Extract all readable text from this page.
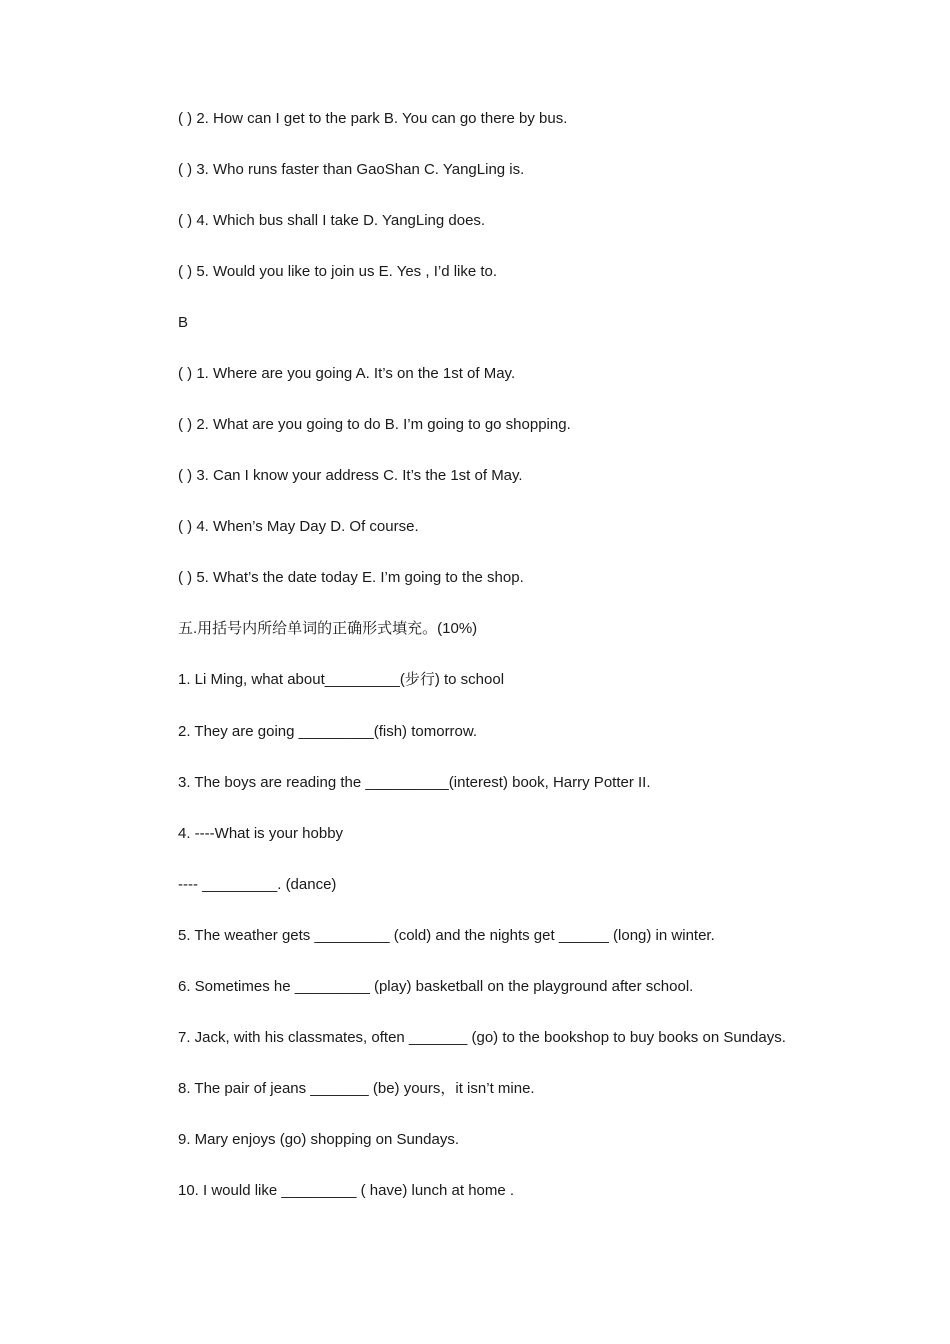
( ) 2. How can I get to the park B. You can go there by bus.
( ) 3. Who runs faster than GaoShan C. YangLing is.
( ) 4. Which bus shall I take D. YangLing does.
( ) 5. Would you like to join us E. Yes , I’d like to.
B
( ) 1. Where are you going A. It’s on the 1st of May.
( ) 2. What are you going to do B. I’m going to go shopping.
( ) 3. Can I know your address C. It’s the 1st of May.
( ) 4. When’s May Day D. Of course.
( ) 5. What’s the date today E. I’m going to the shop.
五.用括号内所给单词的正确形式填充。(10%)
1. Li Ming, what about_________(步行) to school
2. They are going _________(fish) tomorrow.
3. The boys are reading the __________(interest) book, Harry Potter II.
4. ----What is your hobby
---- _________. (dance)
5. The weather gets _________ (cold) and the nights get ______ (long) in winter.
6. Sometimes he _________ (play) basketball on the playground after school.
7. Jack, with his classmates, often _______ (go) to the bookshop to buy books on Sundays.
8. The pair of jeans _______ (be) yours，it isn’t mine.
9. Mary enjoys (go) shopping on Sundays.
10. I would like _________ ( have) lunch at home .
